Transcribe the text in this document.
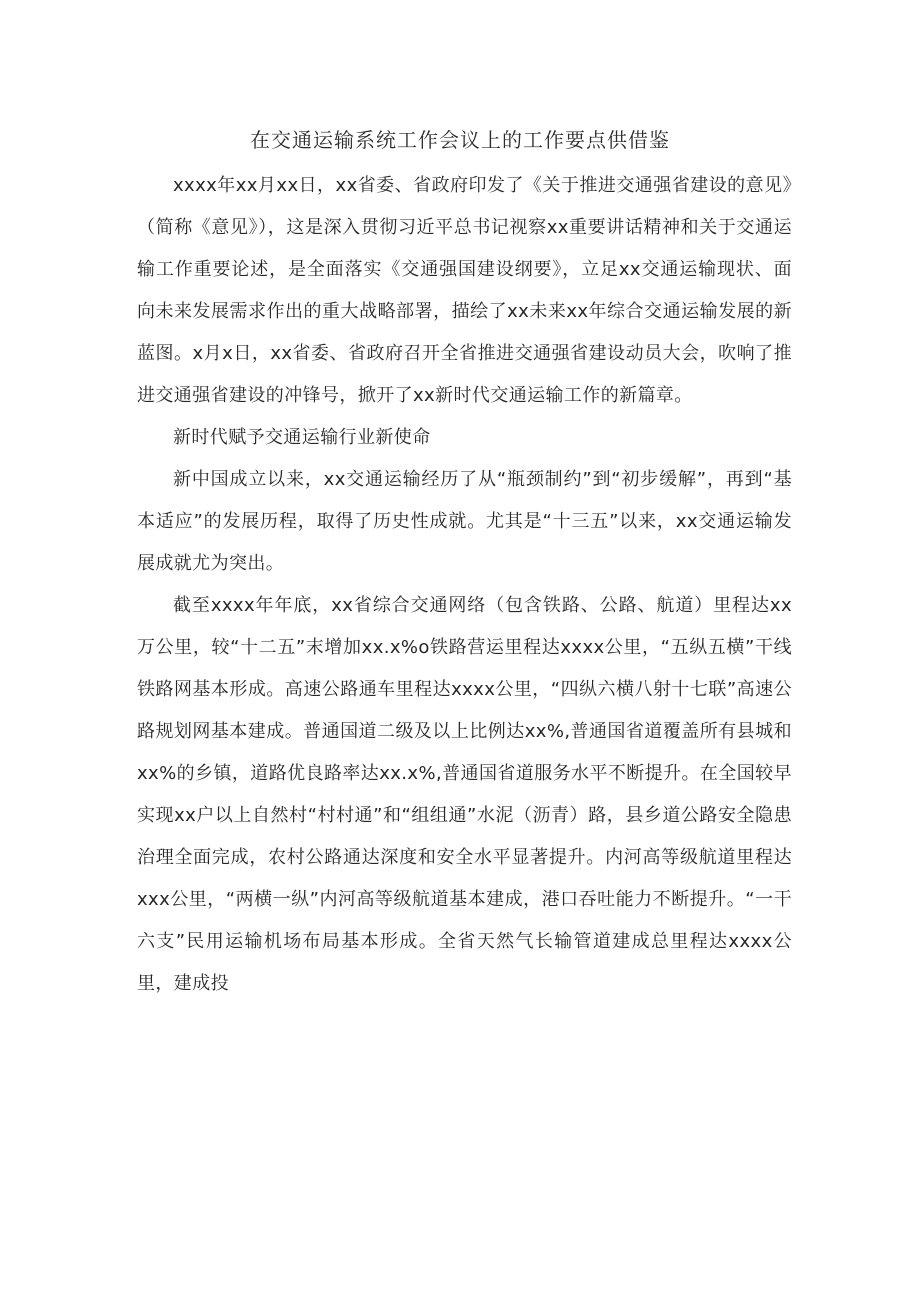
在交通运输系统工作会议上的工作要点供借鉴

xxxx年xx月xx日，xx省委、省政府印发了《关于推进交通强省建设的意见》（简称《意见》），这是深入贯彻习近平总书记视察xx重要讲话精神和关于交通运输工作重要论述，是全面落实《交通强国建设纲要》，立足xx交通运输现状、面向未来发展需求作出的重大战略部署，描绘了xx未来xx年综合交通运输发展的新蓝图。x月x日，xx省委、省政府召开全省推进交通强省建设动员大会，吹响了推进交通强省建设的冲锋号，掀开了xx新时代交通运输工作的新篇章。

新时代赋予交通运输行业新使命

新中国成立以来，xx交通运输经历了从“瓶颈制约”到“初步缓解”，再到“基本适应”的发展历程，取得了历史性成就。尤其是“十三五”以来，xx交通运输发展成就尤为突出。

截至xxxx年年底，xx省综合交通网络（包含铁路、公路、航道）里程达xx万公里，较“十二五”末增加xx.x%o铁路营运里程达xxxx公里，“五纵五横”干线铁路网基本形成。高速公路通车里程达xxxx公里，“四纵六横八射十七联”高速公路规划网基本建成。普通国道二级及以上比例达xx%,普通国省道覆盖所有县城和xx%的乡镇，道路优良路率达xx.x%,普通国省道服务水平不断提升。在全国较早实现xx户以上自然村“村村通”和“组组通”水泥（沥青）路，县乡道公路安全隐患治理全面完成，农村公路通达深度和安全水平显著提升。内河高等级航道里程达xxx公里，“两横一纵”内河高等级航道基本建成，港口吞吐能力不断提升。“一干六支”民用运输机场布局基本形成。全省天然气长输管道建成总里程达xxxx公里，建成投
